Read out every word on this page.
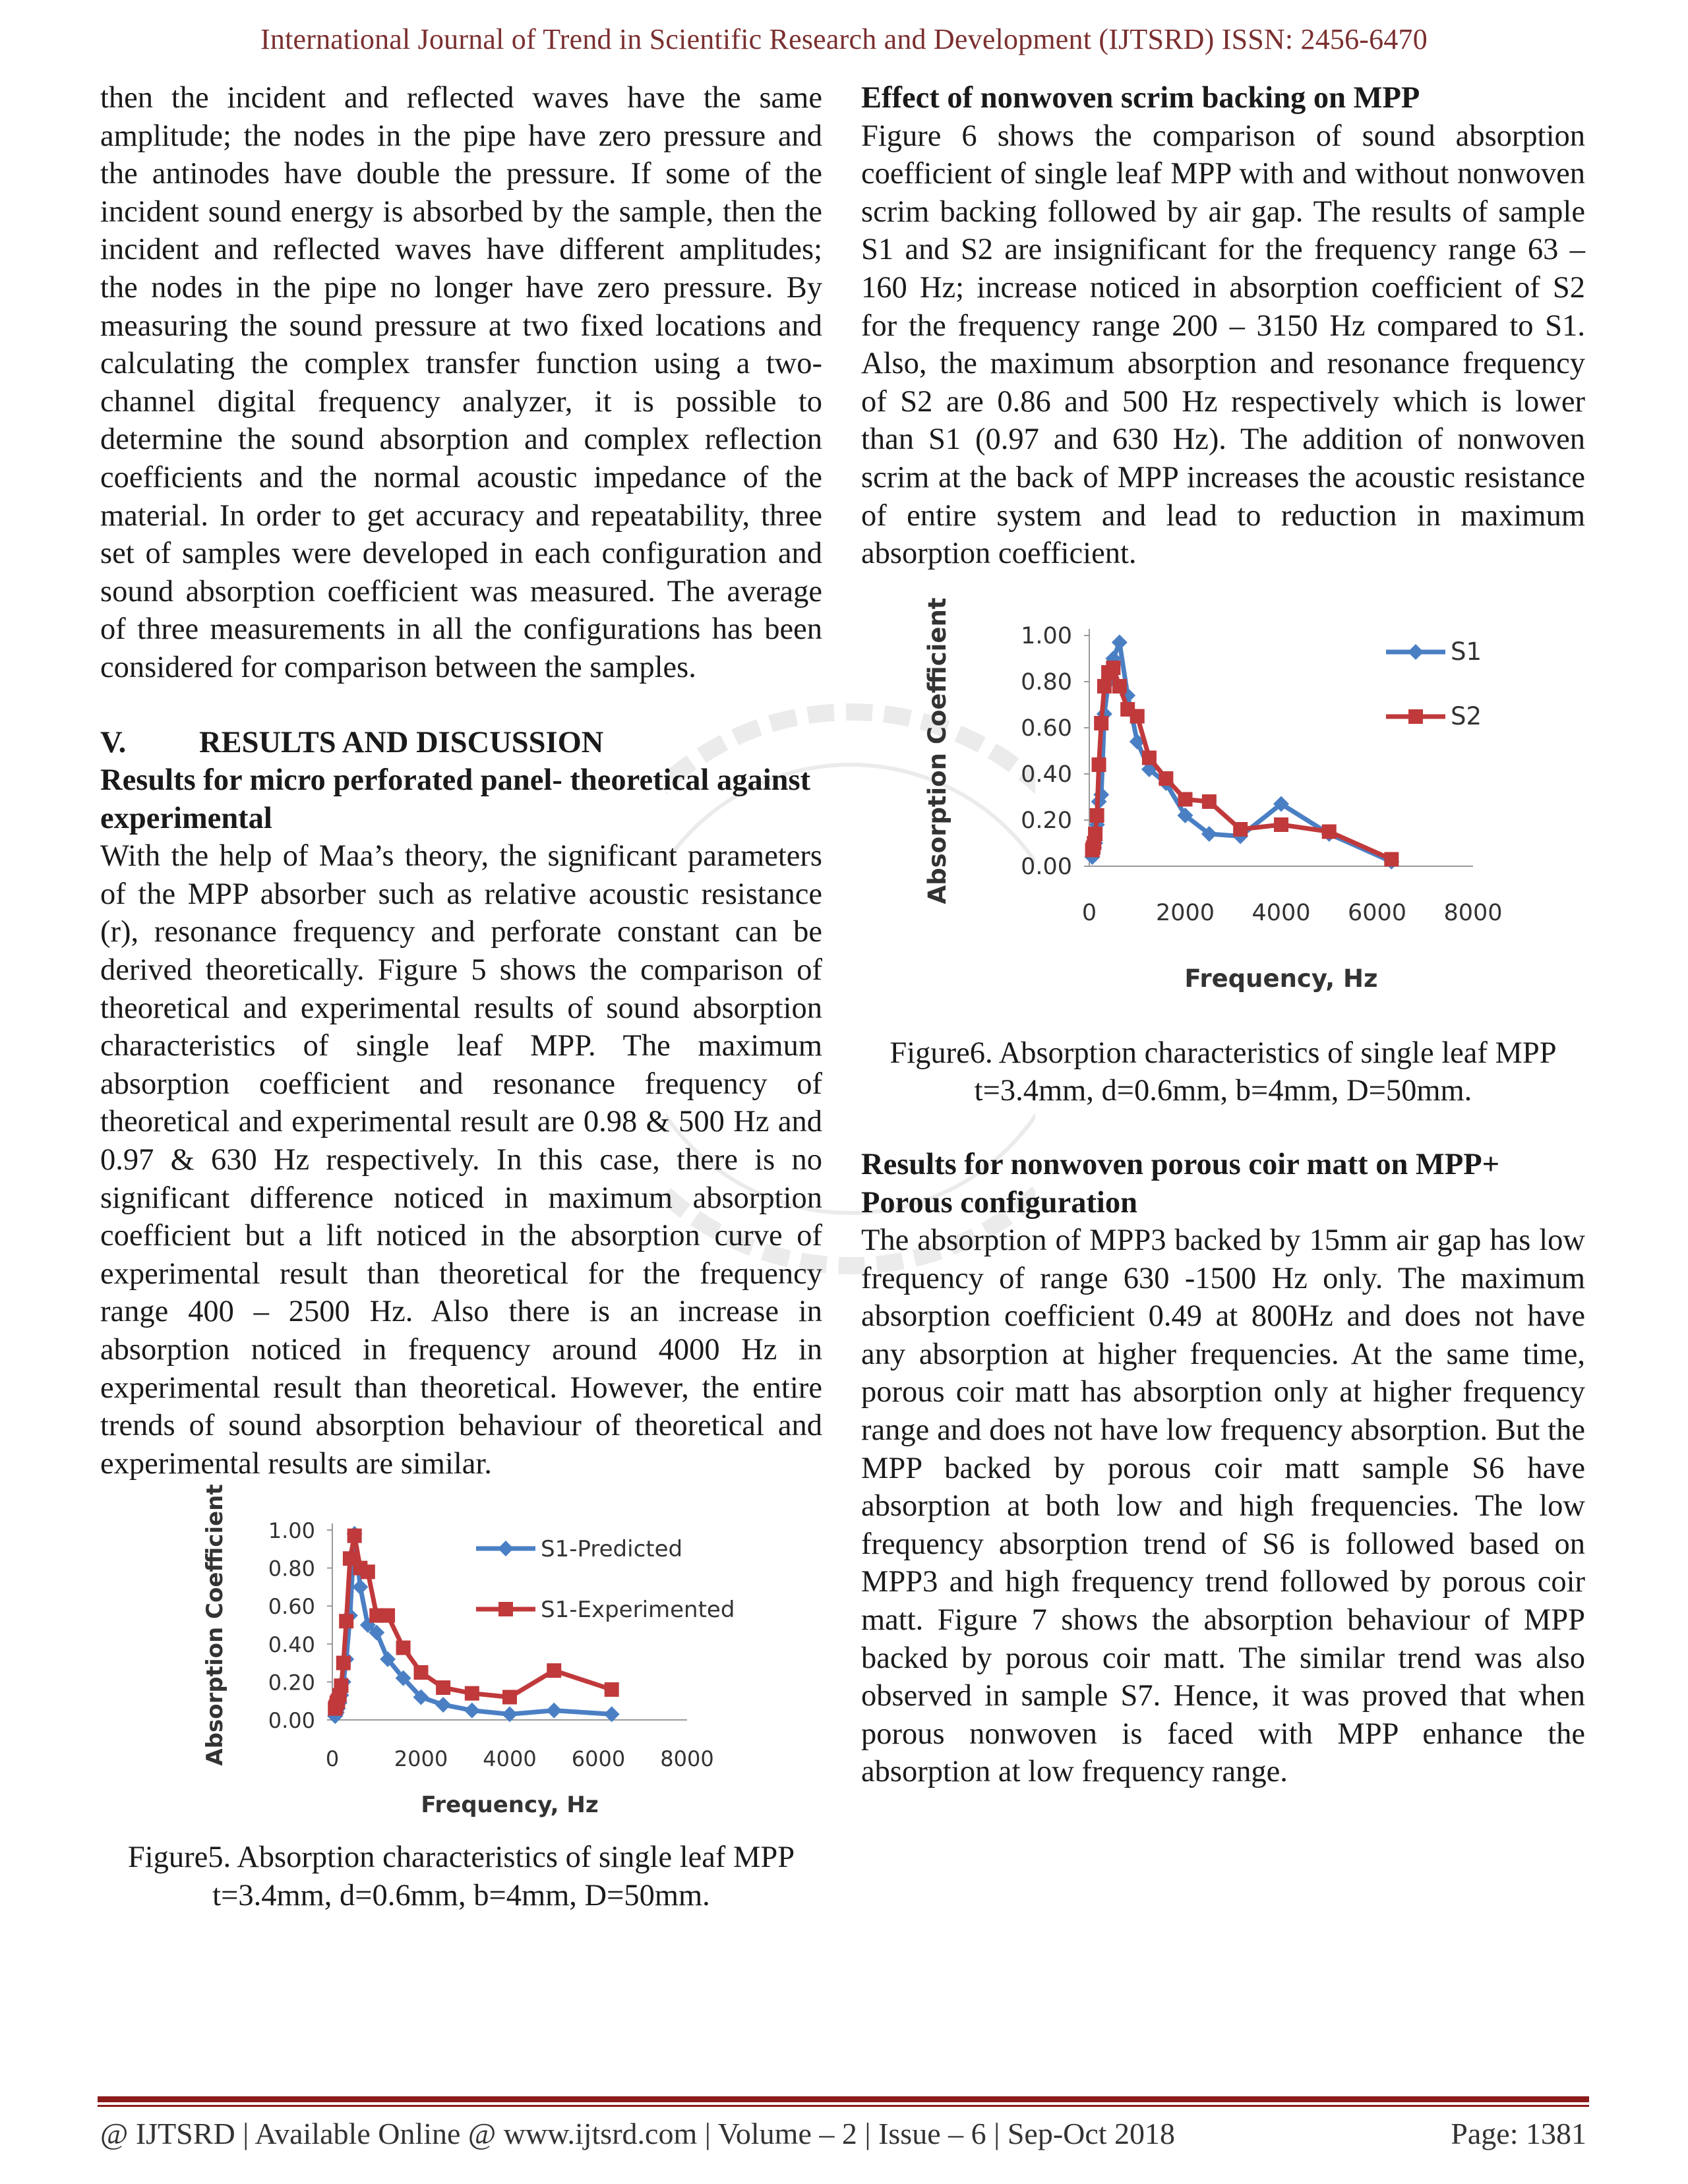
International Journal of Trend in Scientific Research and Development (IJTSRD) ISSN: 2456-6470

then the incident and reflected waves have the same amplitude; the nodes in the pipe have zero pressure and the antinodes have double the pressure. If some of the incident sound energy is absorbed by the sample, then the incident and reflected waves have different amplitudes; the nodes in the pipe no longer have zero pressure. By measuring the sound pressure at two fixed locations and calculating the complex transfer function using a two-channel digital frequency analyzer, it is possible to determine the sound absorption and complex reflection coefficients and the normal acoustic impedance of the material. In order to get accuracy and repeatability, three set of samples were developed in each configuration and sound absorption coefficient was measured. The average of three measurements in all the configurations has been considered for comparison between the samples.

V. RESULTS AND DISCUSSION
Results for micro perforated panel- theoretical against experimental

With the help of Maa’s theory, the significant parameters of the MPP absorber such as relative acoustic resistance (r), resonance frequency and perforate constant can be derived theoretically. Figure 5 shows the comparison of theoretical and experimental results of sound absorption characteristics of single leaf MPP. The maximum absorption coefficient and resonance frequency of theoretical and experimental result are 0.98 & 500 Hz and 0.97 & 630 Hz respectively. In this case, there is no significant difference noticed in maximum absorption coefficient but a lift noticed in the absorption curve of experimental result than theoretical for the frequency range 400 – 2500 Hz. Also there is an increase in absorption noticed in frequency around 4000 Hz in experimental result than theoretical. However, the entire trends of sound absorption behaviour of theoretical and experimental results are similar.

0.00
0.20
0.40
0.60
0.80
1.00
0	2000 4000 6000 8000
Absorption Coefficient
Frequency, Hz
S1-Predicted
S1-Experimented
Figure5. Absorption characteristics of single leaf MPP
t=3.4mm, d=0.6mm, b=4mm, D=50mm.
Effect of nonwoven scrim backing on MPP

Figure 6 shows the comparison of sound absorption coefficient of single leaf MPP with and without nonwoven scrim backing followed by air gap. The results of sample S1 and S2 are insignificant for the frequency range 63 – 160 Hz; increase noticed in absorption coefficient of S2 for the frequency range 200 – 3150 Hz compared to S1. Also, the maximum absorption and resonance frequency of S2 are 0.86 and 500 Hz respectively which is lower than S1 (0.97 and 630 Hz). The addition of nonwoven scrim at the back of MPP increases the acoustic resistance of entire system and lead to reduction in maximum absorption coefficient.

0.00
0.20
0.40
0.60
0.80
1.00
0	2000 4000 6000 8000
Absorption Coefficient
Frequency, Hz
S1
S2
Figure6. Absorption characteristics of single leaf MPP
t=3.4mm, d=0.6mm, b=4mm, D=50mm.
Results for nonwoven porous coir matt on MPP+ Porous configuration

The absorption of MPP3 backed by 15mm air gap has low frequency of range 630 -1500 Hz only. The maximum absorption coefficient 0.49 at 800Hz and does not have any absorption at higher frequencies. At the same time, porous coir matt has absorption only at higher frequency range and does not have low frequency absorption. But the MPP backed by porous coir matt sample S6 have absorption at both low and high frequencies. The low frequency absorption trend of S6 is followed based on MPP3 and high frequency trend followed by porous coir matt. Figure 7 shows the absorption behaviour of MPP backed by porous coir matt. The similar trend was also observed in sample S7. Hence, it was proved that when porous nonwoven is faced with MPP enhance the absorption at low frequency range.

@ IJTSRD | Available Online @ www.ijtsrd.com | Volume – 2 | Issue – 6 | Sep-Oct 2018	Page: 1381
